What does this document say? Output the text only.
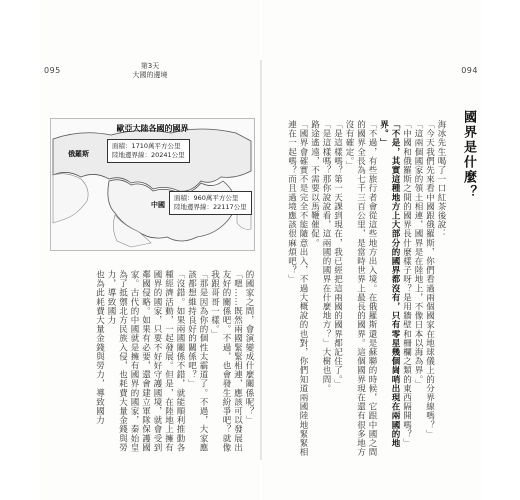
095	第3天
大國的邊境
歐亞大陸各國的國界
俄羅斯
面積：1710萬平方公里
陸地邊界線：20241公里
中國
面積：960萬平方公里
陸地邊界線：22117公里

的國家之間，會演變成什麼關係呢？」

「嗯……既然兩國緊緊相連，應該可以發展出友好的關係吧。不過，也會發生紛爭吧？就像我跟哥哥一樣。」

「那是因為你的個性太霸道了。不過，大家應該都想維持良好的關係吧？」

「沒錯。如果兩國關係不錯，就能順利推動各種經濟活動，一起發展。但是，在陸地上擁有國界的國家，只要不好好守護國境，就會受到鄰國侵略。如果有必要，還會建立軍隊保護國家。古代的中國就是擁有國界的國家，秦始皇為了抵禦北方民族入侵，也耗費大量金錢與勞力，導致國力

也為此耗費大量金錢與勞力，導致國力

094
國界是什麼？

海冰先生喝了一口紅茶後說：

「今天我們先來看中國跟俄羅斯，你們看過兩個國家在地球儀上的分界線嗎？」

「這兩個國家的領土相連，國界是在陸地上，不像日本以海為界。」

「中國和俄羅斯之間的國界長什麼樣子呀？是用牆壁和柵欄之類的東西隔開嗎？」

「不是，其實這種地方上大部分的國界都沒有，只有零星幾個崗哨出現在兩國的地界。」

「不過，有些旅行者會從這些地方出入境。在俄羅斯還是蘇聯的時候，它跟中國之間的國界全長為七千三百公里，是當時世界上最長的國界。這個國界現在還有很多地方沒有確定。」

「是這樣嗎？第一天課到現在，我已經把這兩國的國界都記住了。」

「是這樣嗎？那你說說看，這兩國的國界在什麼地方？」大樹也問。

路途遙遠，不需要以馬鞭催促。

「國界會確實不是完全不能隨意出入，不過大概說的也對，你們知道兩國陸地緊緊相連在一起嗎？而且過境應該很麻煩吧？」
